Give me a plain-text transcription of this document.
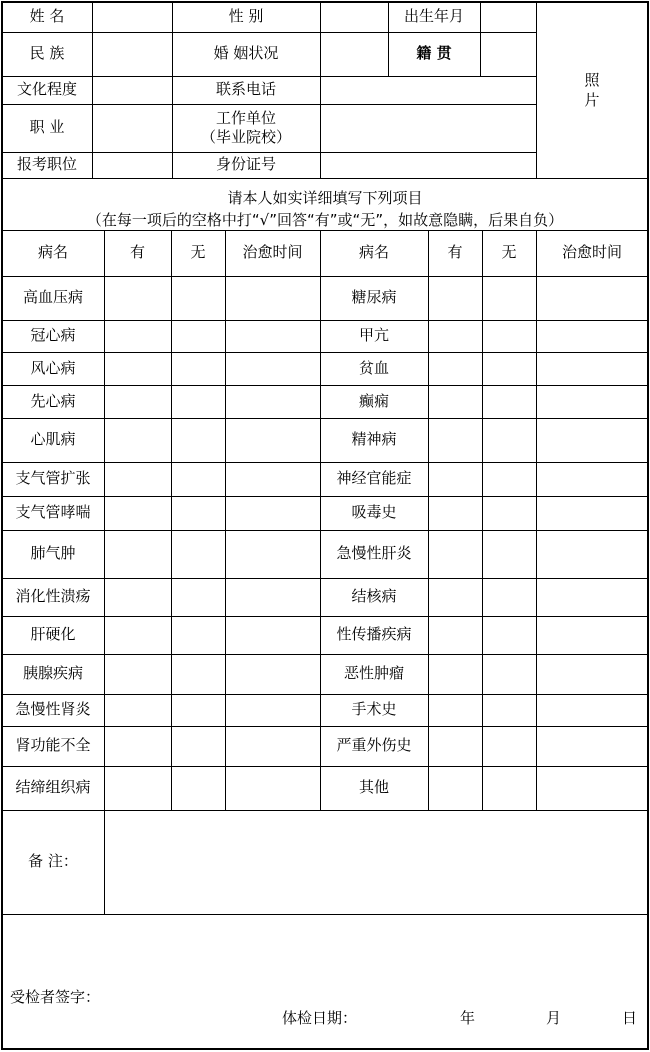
姓 名	性 别	出生年月
民 族	婚 姻状况	籍 贯
文化程度	联系电话
职 业
工作单位
（毕业院校）
报考职位	身份证号
照
片
请本人如实详细填写下列项目
（在每一项后的空格中打“√”回答“有”或“无”，如故意隐瞒，后果自负）
病名	有	无	治愈时间	病名	有	无	治愈时间
高血压病	糖尿病
冠心病	甲亢
风心病	贫血
先心病	癫痫
心肌病	精神病
支气管扩张	神经官能症
支气管哮喘	吸毒史
肺气肿	急慢性肝炎
消化性溃疡	结核病
肝硬化	性传播疾病
胰腺疾病	恶性肿瘤
急慢性肾炎	手术史
肾功能不全	严重外伤史
结缔组织病	其他
备 注：
受检者签字：
体检日期：	年	月	日
